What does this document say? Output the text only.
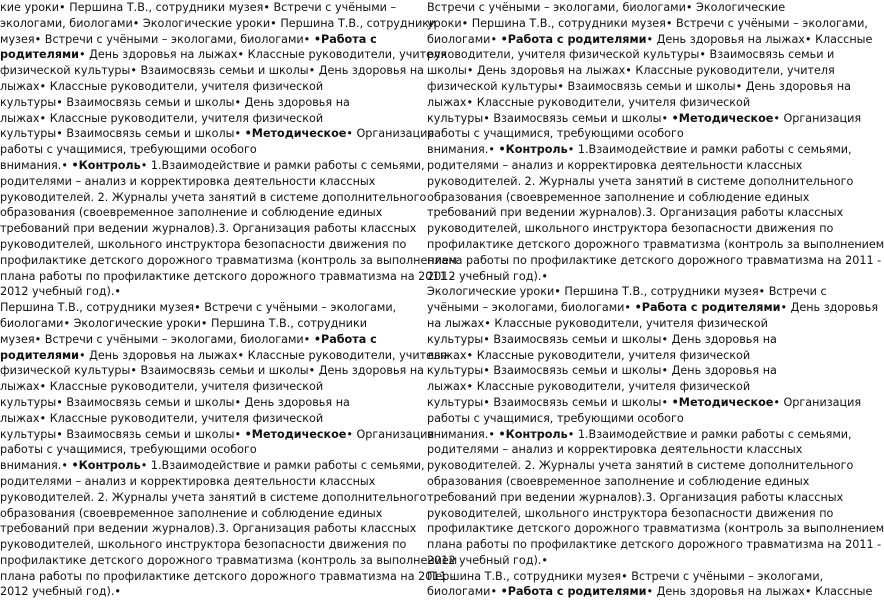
кие уроки• Першина Т.В., сотрудники музея• Встречи с учёными –
экологами, биологами• Экологические уроки• Першина Т.В., сотрудники
музея• Встречи с учёными – экологами, биологами• •Работа с
родителями• День здоровья на лыжах• Классные руководители, учителя
физической культуры• Взаимосвязь семьи и школы• День здоровья на
лыжах• Классные руководители, учителя физической
культуры• Взаимосвязь семьи и школы• День здоровья на
лыжах• Классные руководители, учителя физической
культуры• Взаимосвязь семьи и школы• •Методическое• Организация
работы с учащимися, требующими особого
внимания.• •Контроль• 1.Взаимодействие и рамки работы с семьями,
родителями – анализ и корректировка деятельности классных
руководителей. 2. Журналы учета занятий в системе дополнительного
образования (своевременное заполнение и соблюдение единых
требований при ведении журналов).3. Организация работы классных
руководителей, школьного инструктора безопасности движения по
профилактике детского дорожного травматизма (контроль за выполнением
плана работы по профилактике детского дорожного травматизма на 2011 -
2012 учебный год).•
Першина Т.В., сотрудники музея• Встречи с учёными – экологами,
биологами• Экологические уроки• Першина Т.В., сотрудники
музея• Встречи с учёными – экологами, биологами• •Работа с
родителями• День здоровья на лыжах• Классные руководители, учителя
физической культуры• Взаимосвязь семьи и школы• День здоровья на
лыжах• Классные руководители, учителя физической
культуры• Взаимосвязь семьи и школы• День здоровья на
лыжах• Классные руководители, учителя физической
культуры• Взаимосвязь семьи и школы• •Методическое• Организация
работы с учащимися, требующими особого
внимания.• •Контроль• 1.Взаимодействие и рамки работы с семьями,
родителями – анализ и корректировка деятельности классных
руководителей. 2. Журналы учета занятий в системе дополнительного
образования (своевременное заполнение и соблюдение единых
требований при ведении журналов).3. Организация работы классных
руководителей, школьного инструктора безопасности движения по
профилактике детского дорожного травматизма (контроль за выполнением
плана работы по профилактике детского дорожного травматизма на 2011 -
2012 учебный год).•
Встречи с учёными – экологами, биологами• Экологические
уроки• Першина Т.В., сотрудники музея• Встречи с учёными – экологами,
биологами• •Работа с родителями• День здоровья на лыжах• Классные
руководители, учителя физической культуры• Взаимосвязь семьи и
школы• День здоровья на лыжах• Классные руководители, учителя
физической культуры• Взаимосвязь семьи и школы• День здоровья на
лыжах• Классные руководители, учителя физической
культуры• Взаимосвязь семьи и школы• •Методическое• Организация
работы с учащимися, требующими особого
внимания.• •Контроль• 1.Взаимодействие и рамки работы с семьями,
родителями – анализ и корректировка деятельности классных
руководителей. 2. Журналы учета занятий в системе дополнительного
образования (своевременное заполнение и соблюдение единых
требований при ведении журналов).3. Организация работы классных
руководителей, школьного инструктора безопасности движения по
профилактике детского дорожного травматизма (контроль за выполнением
плана работы по профилактике детского дорожного травматизма на 2011 -
2012 учебный год).•
Экологические уроки• Першина Т.В., сотрудники музея• Встречи с
учёными – экологами, биологами• •Работа с родителями• День здоровья
на лыжах• Классные руководители, учителя физической
культуры• Взаимосвязь семьи и школы• День здоровья на
лыжах• Классные руководители, учителя физической
культуры• Взаимосвязь семьи и школы• День здоровья на
лыжах• Классные руководители, учителя физической
культуры• Взаимосвязь семьи и школы• •Методическое• Организация
работы с учащимися, требующими особого
внимания.• •Контроль• 1.Взаимодействие и рамки работы с семьями,
родителями – анализ и корректировка деятельности классных
руководителей. 2. Журналы учета занятий в системе дополнительного
образования (своевременное заполнение и соблюдение единых
требований при ведении журналов).3. Организация работы классных
руководителей, школьного инструктора безопасности движения по
профилактике детского дорожного травматизма (контроль за выполнением
плана работы по профилактике детского дорожного травматизма на 2011 -
2012 учебный год).•
Першина Т.В., сотрудники музея• Встречи с учёными – экологами,
биологами• •Работа с родителями• День здоровья на лыжах• Классные
